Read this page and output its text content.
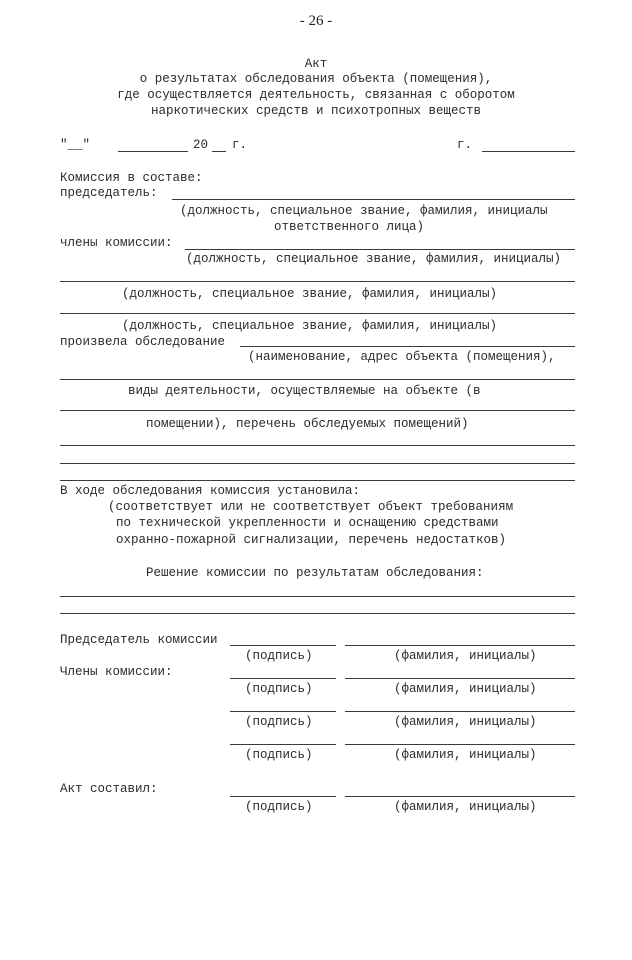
- 26 -
Акт
о результатах обследования объекта (помещения),
где осуществляется деятельность, связанная с оборотом
наркотических средств и психотропных веществ
"__"	20 г.	г.
Комиссия в составе:
председатель:
(должность, специальное звание, фамилия, инициалы
ответственного лица)
члены комиссии:
(должность, специальное звание, фамилия, инициалы)
(должность, специальное звание, фамилия, инициалы)
(должность, специальное звание, фамилия, инициалы)
произвела обследование
(наименование, адрес объекта (помещения),
виды деятельности, осуществляемые на объекте (в
помещении), перечень обследуемых помещений)
В ходе обследования комиссия установила:
(соответствует или не соответствует объект требованиям
по технической укрепленности и оснащению средствами
охранно-пожарной сигнализации, перечень недостатков)
Решение комиссии по результатам обследования:
Председатель комиссии
(подпись)	(фамилия, инициалы)
Члены комиссии:
(подпись)	(фамилия, инициалы)
(подпись)	(фамилия, инициалы)
(подпись)	(фамилия, инициалы)
Акт составил:
(подпись)	(фамилия, инициалы)
